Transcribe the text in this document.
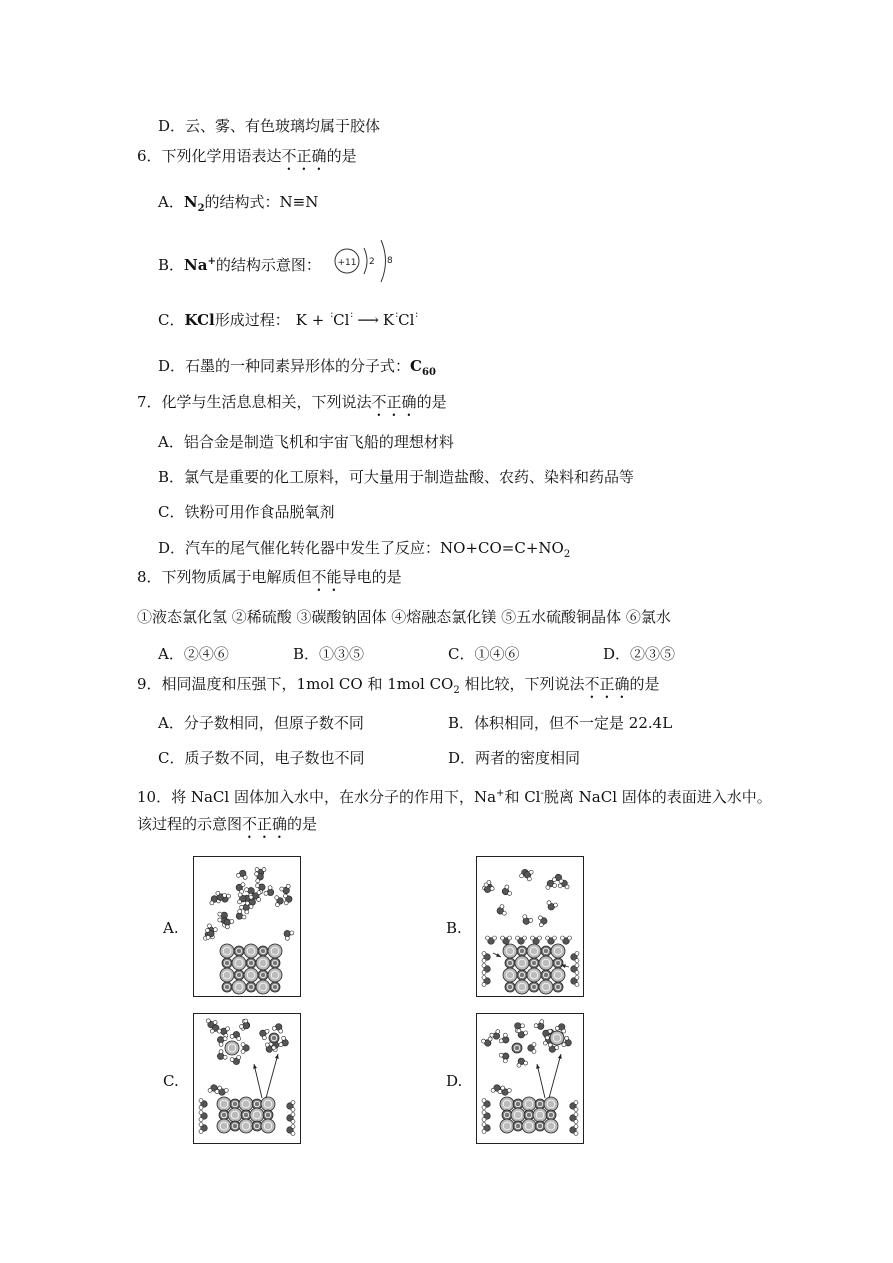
D．云、雾、有色玻璃均属于胶体
6．下列化学用语表达不正确的是
A．$N_2$的结构式：N≡N
B．Na+的结构示意图： +11 2 8
C．KCl形成过程： K + Cl
: : ⟶ K Cl
: :
D．石墨的一种同素异形体的分子式：$C_{60}$
7．化学与生活息息相关，下列说法不正确的是
A．铝合金是制造飞机和宇宙飞船的理想材料
B．氯气是重要的化工原料，可大量用于制造盐酸、农药、染料和药品等
C．铁粉可用作食品脱氧剂
D．汽车的尾气催化转化器中发生了反应：$NO+CO=C+NO_2$
8．下列物质属于电解质但不能导电的是
①液态氯化氢 ②稀硫酸 ③碳酸钠固体 ④熔融态氯化镁 ⑤五水硫酸铜晶体 ⑥氯水
A．②④⑥	B．①③⑤	C．①④⑥	D．②③⑤
9．相同温度和压强下，1mol CO 和 1mol $CO_2$ 相比较，下列说法不正确的是
A．分子数相同，但原子数不同	B．体积相同，但不一定是 22.4L
C．质子数不同，电子数也不同	D．两者的密度相同
10．将 NaCl 固体加入水中，在水分子的作用下，Na+和 Cl-脱离 NaCl 固体的表面进入水中。
该过程的示意图不正确的是
A.	B.
C.	D.
